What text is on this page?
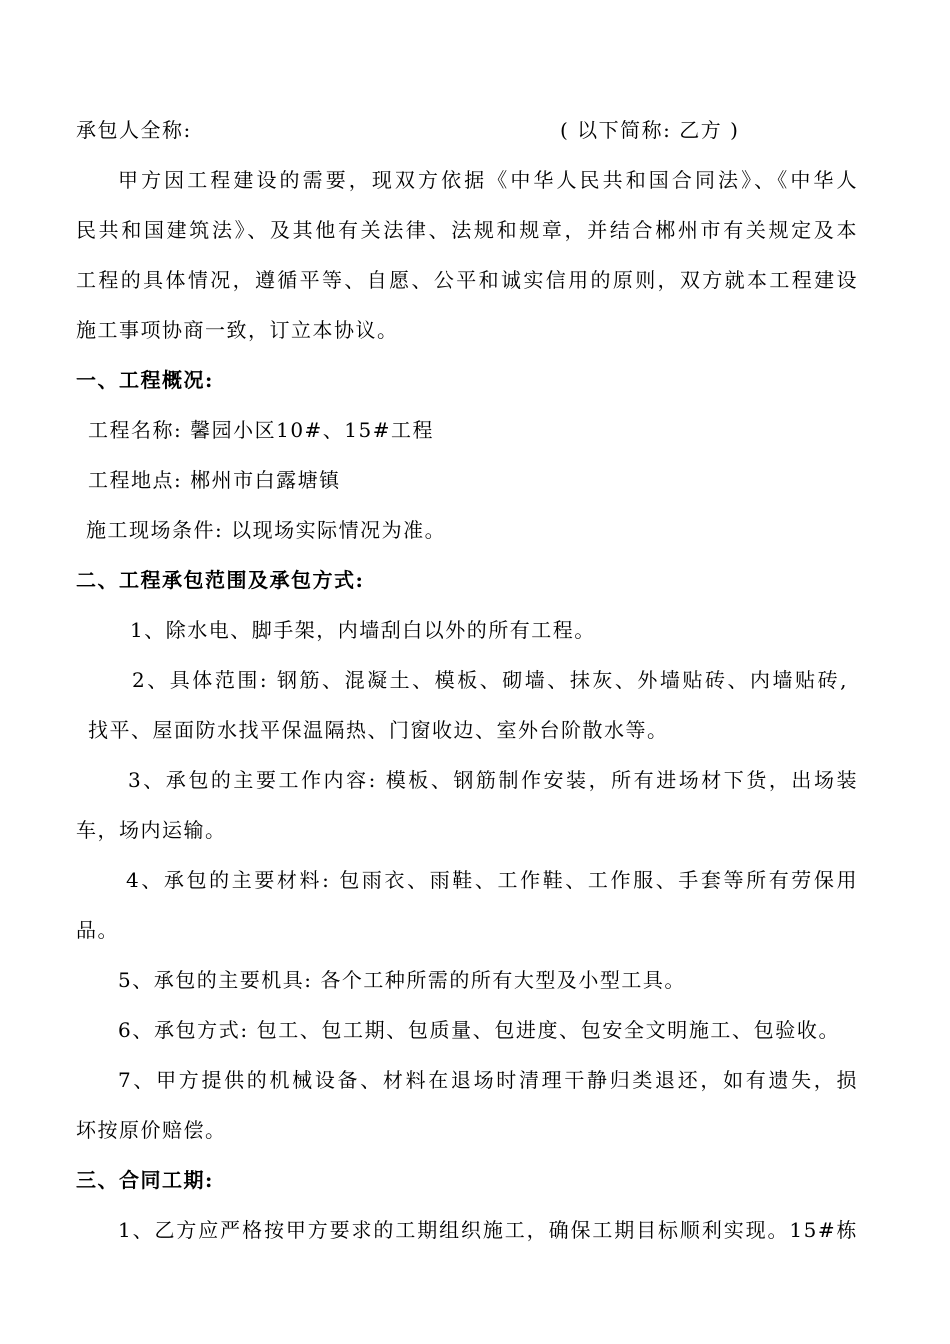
承包人全称:	( 以下简称: 乙方 )
甲方因工程建设的需要，现双方依据《中华人民共和国合同法》、《中华人
民共和国建筑法》、及其他有关法律、法规和规章，并结合郴州市有关规定及本
工程的具体情况，遵循平等、自愿、公平和诚实信用的原则，双方就本工程建设
施工事项协商一致，订立本协议。
一、工程概况:
工程名称: 馨园小区10#、15#工程
工程地点: 郴州市白露塘镇
施工现场条件: 以现场实际情况为准。
二、工程承包范围及承包方式:
1、除水电、脚手架，内墙刮白以外的所有工程。
2、具体范围: 钢筋、混凝土、模板、砌墙、抹灰、外墙贴砖、内墙贴砖,
找平、屋面防水找平保温隔热、门窗收边、室外台阶散水等。
3、承包的主要工作内容: 模板、钢筋制作安装，所有进场材下货，出场装
车，场内运输。
4、承包的主要材料: 包雨衣、雨鞋、工作鞋、工作服、手套等所有劳保用
品。
5、承包的主要机具: 各个工种所需的所有大型及小型工具。
6、承包方式: 包工、包工期、包质量、包进度、包安全文明施工、包验收。
7、甲方提供的机械设备、材料在退场时清理干静归类退还，如有遗失，损
坏按原价赔偿。
三、合同工期:
1、乙方应严格按甲方要求的工期组织施工，确保工期目标顺利实现。15#栋
